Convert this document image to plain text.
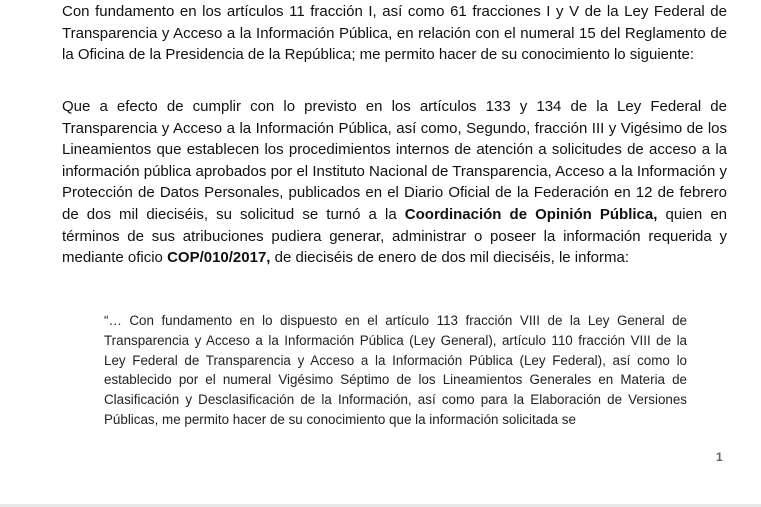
Con fundamento en los artículos 11 fracción I, así como 61 fracciones I y V de la Ley Federal de Transparencia y Acceso a la Información Pública, en relación con el numeral 15 del Reglamento de la Oficina de la Presidencia de la República; me permito hacer de su conocimiento lo siguiente:

Que a efecto de cumplir con lo previsto en los artículos 133 y 134 de la Ley Federal de Transparencia y Acceso a la Información Pública, así como, Segundo, fracción III y Vigésimo de los Lineamientos que establecen los procedimientos internos de atención a solicitudes de acceso a la información pública aprobados por el Instituto Nacional de Transparencia, Acceso a la Información y Protección de Datos Personales, publicados en el Diario Oficial de la Federación en 12 de febrero de dos mil dieciséis, su solicitud se turnó a la Coordinación de Opinión Pública, quien en términos de sus atribuciones pudiera generar, administrar o poseer la información requerida y mediante oficio COP/010/2017, de dieciséis de enero de dos mil dieciséis, le informa:

“… Con fundamento en lo dispuesto en el artículo 113 fracción VIII de la Ley General de Transparencia y Acceso a la Información Pública (Ley General), artículo 110 fracción VIII de la Ley Federal de Transparencia y Acceso a la Información Pública (Ley Federal), así como lo establecido por el numeral Vigésimo Séptimo de los Lineamientos Generales en Materia de Clasificación y Desclasificación de la Información, así como para la Elaboración de Versiones Públicas, me permito hacer de su conocimiento que la información solicitada se

1
